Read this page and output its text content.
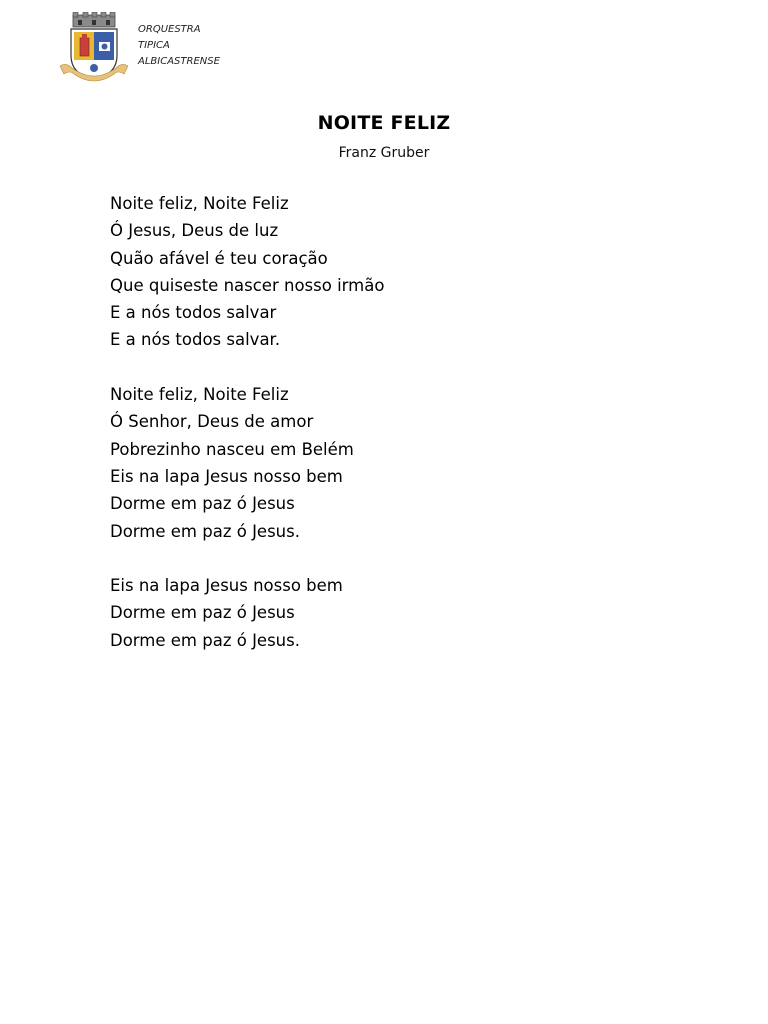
ORQUESTRA
TIPICA
ALBICASTRENSE
NOITE FELIZ
Franz Gruber
Noite feliz, Noite Feliz
Ó Jesus, Deus de luz
Quão afável é teu coração
Que quiseste nascer nosso irmão
E a nós todos salvar
E a nós todos salvar.
Noite feliz, Noite Feliz
Ó Senhor, Deus de amor
Pobrezinho nasceu em Belém
Eis na lapa Jesus nosso bem
Dorme em paz ó Jesus
Dorme em paz ó Jesus.
Eis na lapa Jesus nosso bem
Dorme em paz ó Jesus
Dorme em paz ó Jesus.
